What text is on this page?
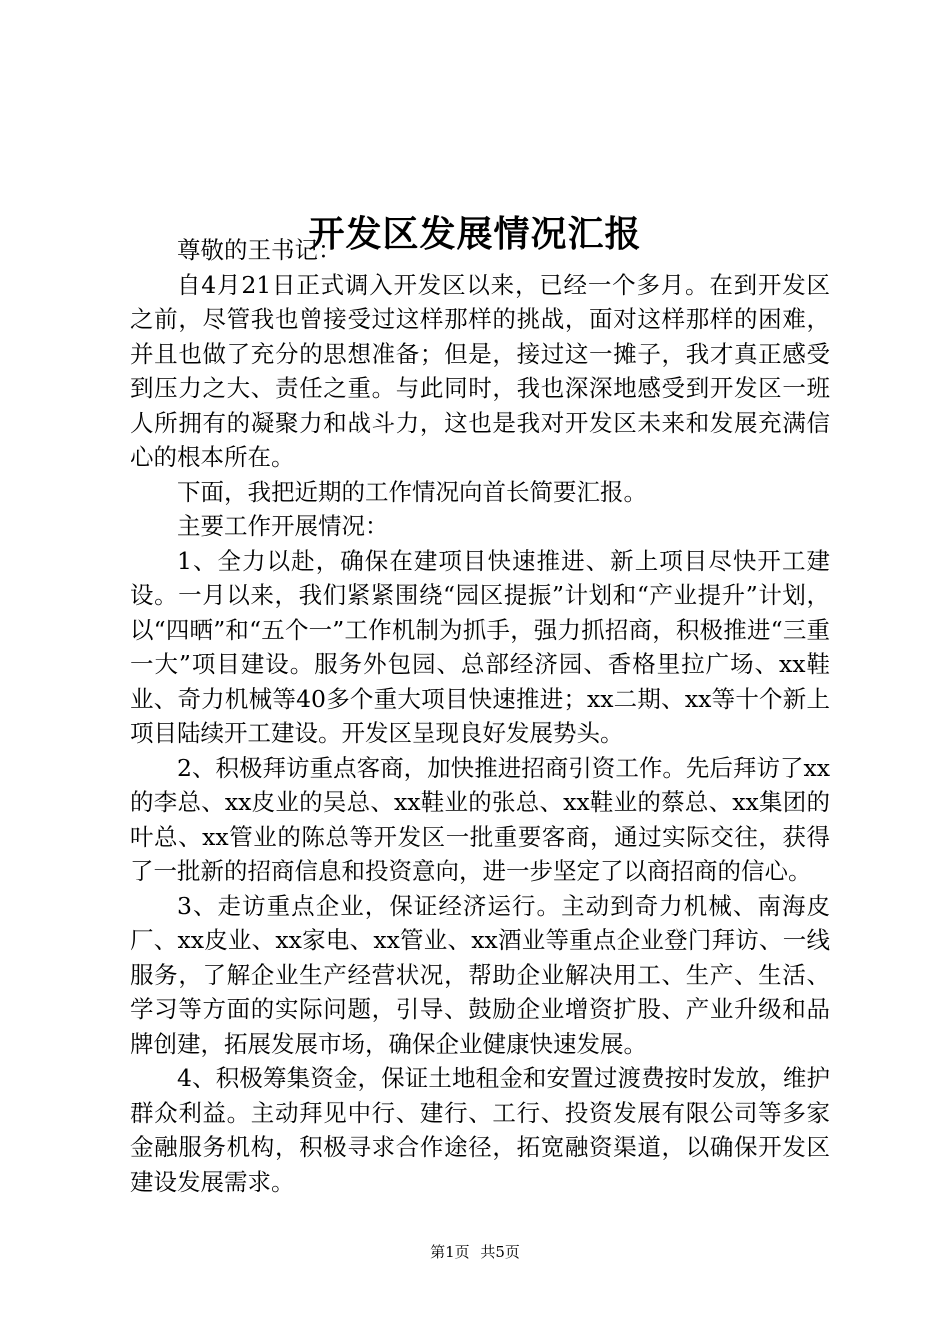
开发区发展情况汇报

尊敬的王书记：

自4月21日正式调入开发区以来，已经一个多月。在到开发区之前，尽管我也曾接受过这样那样的挑战，面对这样那样的困难，并且也做了充分的思想准备；但是，接过这一摊子，我才真正感受到压力之大、责任之重。与此同时，我也深深地感受到开发区一班人所拥有的凝聚力和战斗力，这也是我对开发区未来和发展充满信心的根本所在。

下面，我把近期的工作情况向首长简要汇报。

主要工作开展情况：

1、全力以赴，确保在建项目快速推进、新上项目尽快开工建设。一月以来，我们紧紧围绕“园区提振”计划和“产业提升”计划，以“四晒”和“五个一”工作机制为抓手，强力抓招商，积极推进“三重一大”项目建设。服务外包园、总部经济园、香格里拉广场、xx鞋业、奇力机械等40多个重大项目快速推进；xx二期、xx等十个新上项目陆续开工建设。开发区呈现良好发展势头。

2、积极拜访重点客商，加快推进招商引资工作。先后拜访了xx的李总、xx皮业的吴总、xx鞋业的张总、xx鞋业的蔡总、xx集团的叶总、xx管业的陈总等开发区一批重要客商，通过实际交往，获得了一批新的招商信息和投资意向，进一步坚定了以商招商的信心。

3、走访重点企业，保证经济运行。主动到奇力机械、南海皮厂、xx皮业、xx家电、xx管业、xx酒业等重点企业登门拜访、一线服务，了解企业生产经营状况，帮助企业解决用工、生产、生活、学习等方面的实际问题，引导、鼓励企业增资扩股、产业升级和品牌创建，拓展发展市场，确保企业健康快速发展。

4、积极筹集资金，保证土地租金和安置过渡费按时发放，维护群众利益。主动拜见中行、建行、工行、投资发展有限公司等多家金融服务机构，积极寻求合作途径，拓宽融资渠道，以确保开发区建设发展需求。

第1页 共5页
